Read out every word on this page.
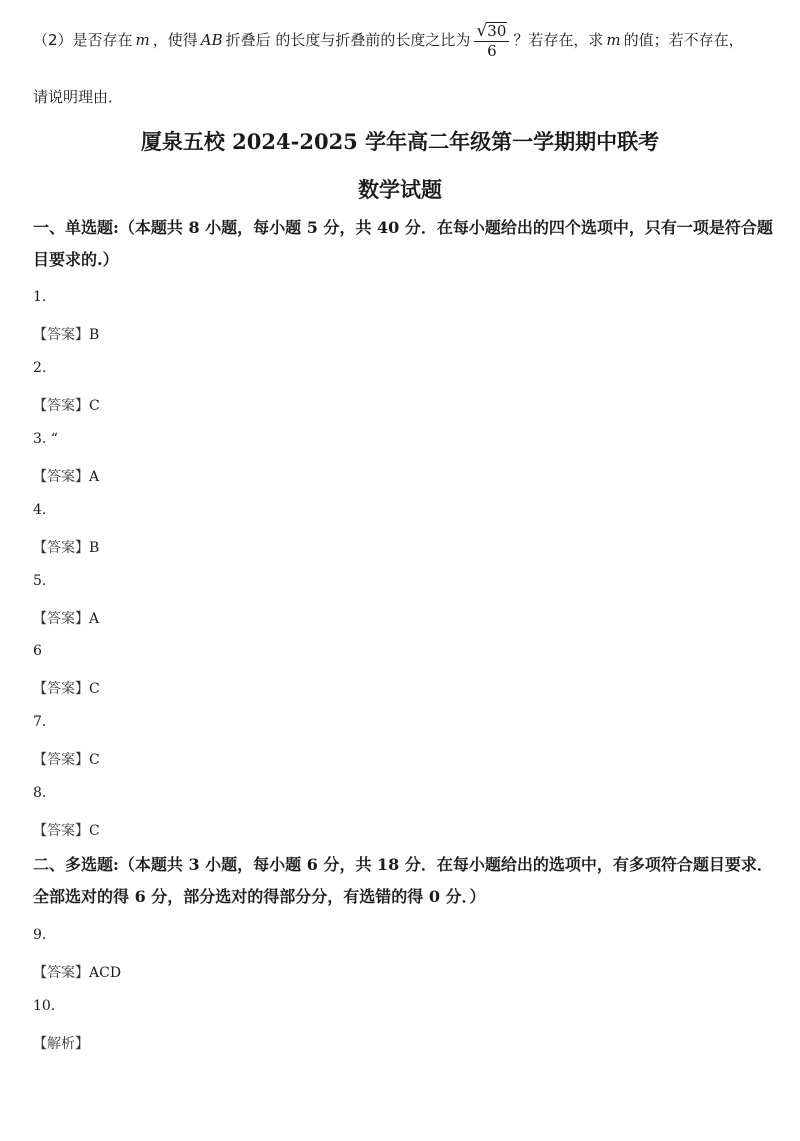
（2）是否存在 m ，使得 AB 折叠后 的长度与折叠前的长度之比为 $\frac{√ 30}{6}$ ？若存在，求 m 的值；若不存在，
请说明理由．
厦泉五校 2024-2025 学年高二年级第一学期期中联考
数学试题
一、单选题:（本题共 8 小题，每小题 5 分，共 40 分．在每小题给出的四个选项中，只有一项是符合题目要求的.）
1.
【答案】B
2.
【答案】C
3. “
【答案】A
4.
【答案】B
5.
【答案】A
6
【答案】C
7.
【答案】C
8.
【答案】C
二、多选题:（本题共 3 小题，每小题 6 分，共 18 分．在每小题给出的选项中，有多项符合题目要求．全部选对的得 6 分，部分选对的得部分分，有选错的得 0 分．）
9.
【答案】ACD
10.
【解析】
